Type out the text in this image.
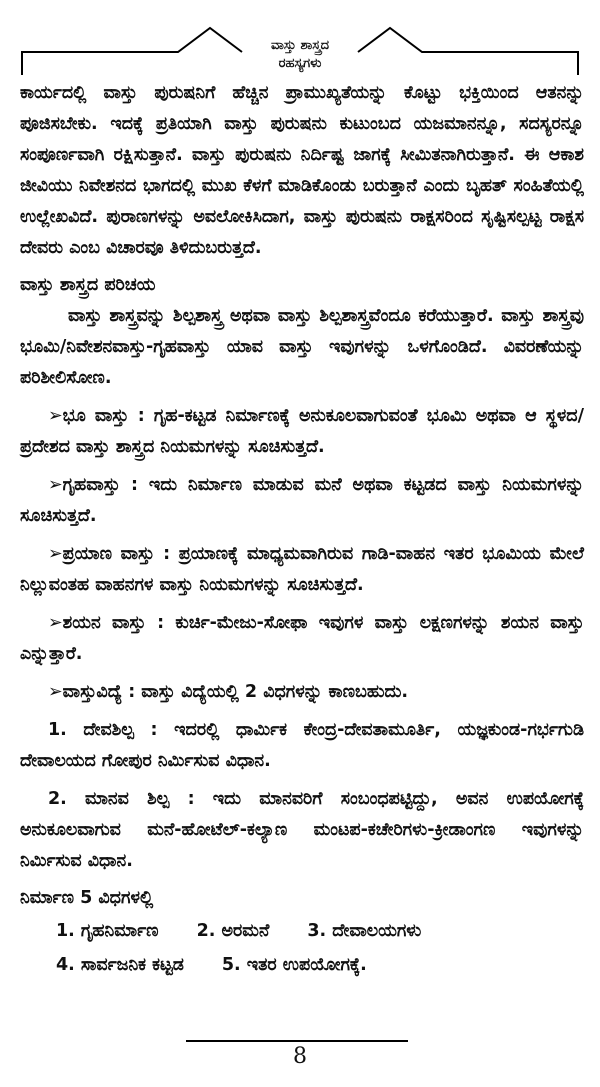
ವಾಸ್ತು ಶಾಸ್ತ್ರದ
ರಹಸ್ಯಗಳು

ಕಾರ್ಯದಲ್ಲಿ ವಾಸ್ತು ಪುರುಷನಿಗೆ ಹೆಚ್ಚಿನ ಪ್ರಾಮುಖ್ಯತೆಯನ್ನು ಕೊಟ್ಟು ಭಕ್ತಿಯಿಂದ ಆತನನ್ನು ಪೂಜಿಸಬೇಕು. ಇದಕ್ಕೆ ಪ್ರತಿಯಾಗಿ ವಾಸ್ತು ಪುರುಷನು ಕುಟುಂಬದ ಯಜಮಾನನ್ನೂ, ಸದಸ್ಯರನ್ನೂ ಸಂಪೂರ್ಣವಾಗಿ ರಕ್ಷಿಸುತ್ತಾನೆ. ವಾಸ್ತು ಪುರುಷನು ನಿರ್ದಿಷ್ಟ ಜಾಗಕ್ಕೆ ಸೀಮಿತನಾಗಿರುತ್ತಾನೆ. ಈ ಆಕಾಶ ಜೀವಿಯು ನಿವೇಶನದ ಭಾಗದಲ್ಲಿ ಮುಖ ಕೆಳಗೆ ಮಾಡಿಕೊಂಡು ಬರುತ್ತಾನೆ ಎಂದು ಬೃಹತ್ ಸಂಹಿತೆಯಲ್ಲಿ ಉಲ್ಲೇಖವಿದೆ. ಪುರಾಣಗಳನ್ನು ಅವಲೋಕಿಸಿದಾಗ, ವಾಸ್ತು ಪುರುಷನು ರಾಕ್ಷಸರಿಂದ ಸೃಷ್ಟಿಸಲ್ಪಟ್ಟ ರಾಕ್ಷಸ ದೇವರು ಎಂಬ ವಿಚಾರವೂ ತಿಳಿದುಬರುತ್ತದೆ.

ವಾಸ್ತು ಶಾಸ್ತ್ರದ ಪರಿಚಯ

ವಾಸ್ತು ಶಾಸ್ತ್ರವನ್ನು ಶಿಲ್ಪಶಾಸ್ತ್ರ ಅಥವಾ ವಾಸ್ತು ಶಿಲ್ಪಶಾಸ್ತ್ರವೆಂದೂ ಕರೆಯುತ್ತಾರೆ. ವಾಸ್ತು ಶಾಸ್ತ್ರವು ಭೂಮಿ/ನಿವೇಶನವಾಸ್ತು-ಗೃಹವಾಸ್ತು ಯಾವ ವಾಸ್ತು ಇವುಗಳನ್ನು ಒಳಗೊಂಡಿದೆ. ವಿವರಣೆಯನ್ನು ಪರಿಶೀಲಿಸೋಣ.

➢ಭೂ ವಾಸ್ತು : ಗೃಹ-ಕಟ್ಟಡ ನಿರ್ಮಾಣಕ್ಕೆ ಅನುಕೂಲವಾಗುವಂತೆ ಭೂಮಿ ಅಥವಾ ಆ ಸ್ಥಳದ/ಪ್ರದೇಶದ ವಾಸ್ತು ಶಾಸ್ತ್ರದ ನಿಯಮಗಳನ್ನು ಸೂಚಿಸುತ್ತದೆ.

➢ಗೃಹವಾಸ್ತು : ಇದು ನಿರ್ಮಾಣ ಮಾಡುವ ಮನೆ ಅಥವಾ ಕಟ್ಟಡದ ವಾಸ್ತು ನಿಯಮಗಳನ್ನು ಸೂಚಿಸುತ್ತದೆ.

➢ಪ್ರಯಾಣ ವಾಸ್ತು : ಪ್ರಯಾಣಕ್ಕೆ ಮಾಧ್ಯಮವಾಗಿರುವ ಗಾಡಿ-ವಾಹನ ಇತರ ಭೂಮಿಯ ಮೇಲೆ ನಿಲ್ಲುವಂತಹ ವಾಹನಗಳ ವಾಸ್ತು ನಿಯಮಗಳನ್ನು ಸೂಚಿಸುತ್ತದೆ.

➢ಶಯನ ವಾಸ್ತು : ಕುರ್ಚಿ-ಮೇಜು-ಸೋಫಾ ಇವುಗಳ ವಾಸ್ತು ಲಕ್ಷಣಗಳನ್ನು ಶಯನ ವಾಸ್ತು ಎನ್ನುತ್ತಾರೆ.

➢ವಾಸ್ತುವಿದ್ಯೆ : ವಾಸ್ತು ವಿದ್ಯೆಯಲ್ಲಿ 2 ವಿಧಗಳನ್ನು ಕಾಣಬಹುದು.

1. ದೇವಶಿಲ್ಪ : ಇದರಲ್ಲಿ ಧಾರ್ಮಿಕ ಕೇಂದ್ರ-ದೇವತಾಮೂರ್ತಿ, ಯಜ್ಞಕುಂಡ-ಗರ್ಭಗುಡಿ ದೇವಾಲಯದ ಗೋಪುರ ನಿರ್ಮಿಸುವ ವಿಧಾನ.

2. ಮಾನವ ಶಿಲ್ಪ : ಇದು ಮಾನವರಿಗೆ ಸಂಬಂಧಪಟ್ಟಿದ್ದು, ಅವನ ಉಪಯೋಗಕ್ಕೆ ಅನುಕೂಲವಾಗುವ ಮನೆ-ಹೋಟೆಲ್-ಕಲ್ಯಾಣ ಮಂಟಪ-ಕಚೇರಿಗಳು-ಕ್ರೀಡಾಂಗಣ ಇವುಗಳನ್ನು ನಿರ್ಮಿಸುವ ವಿಧಾನ.

ನಿರ್ಮಾಣ 5 ವಿಧಗಳಲ್ಲಿ
1. ಗೃಹನಿರ್ಮಾಣ 2. ಅರಮನೆ 3. ದೇವಾಲಯಗಳು
4. ಸಾರ್ವಜನಿಕ ಕಟ್ಟಡ 5. ಇತರ ಉಪಯೋಗಕ್ಕೆ.
8
